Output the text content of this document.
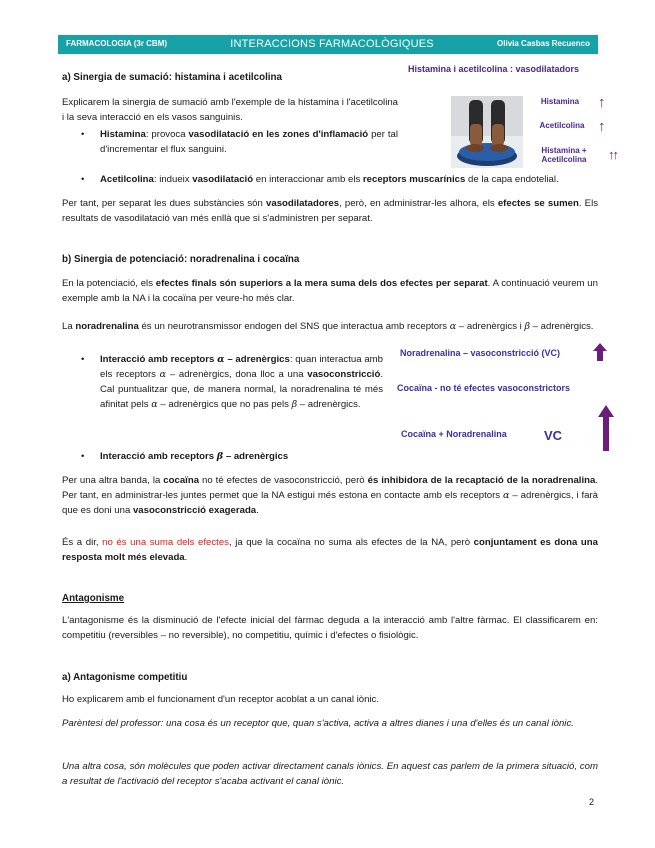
FARMACOLOGIA (3r CBM)	INTERACCIONS FARMACOLÒGIQUES	Olivia Casbas Recuenco
Histamina i acetilcolina : vasodilatadors
Histamina	↑
Acetilcolina ↑
Histamina + Acetilcolina ↑↑
a) Sinergia de sumació: histamina i acetilcolina
Explicarem la sinergia de sumació amb l'exemple de la histamina i l'acetilcolina i la seva interacció en els vasos sanguinis.
• Histamina: provoca vasodilatació en les zones d'inflamació per tal d'incrementar el flux sanguini.
• Acetilcolina: indueix vasodilatació en interaccionar amb els receptors muscarínics de la capa endotelial.
Per tant, per separat les dues substàncies són vasodilatadores, però, en administrar-les alhora, els efectes se sumen. Els resultats de vasodilatació van més enllà que si s'administren per separat.
b) Sinergia de potenciació: noradrenalina i cocaïna
En la potenciació, els efectes finals són superiors a la mera suma dels dos efectes per separat. A continuació veurem un exemple amb la NA i la cocaïna per veure-ho més clar.
La noradrenalina és un neurotransmissor endogen del SNS que interactua amb receptors α – adrenèrgics i β – adrenèrgics.
• Interacció amb receptors α – adrenèrgics: quan interactua amb els receptors α – adrenèrgics, dona lloc a una vasoconstricció. Cal puntualitzar que, de manera normal, la noradrenalina té més afinitat pels α – adrenèrgics que no pas pels β – adrenèrgics.
• Interacció amb receptors β – adrenèrgics
Noradrenalina – vasoconstricció (VC)
Cocaïna - no té efectes vasoconstrictors
Cocaïna + Noradrenalina	VC
Per una altra banda, la cocaïna no té efectes de vasoconstricció, però és inhibidora de la recaptació de la noradrenalina. Per tant, en administrar-les juntes permet que la NA estigui més estona en contacte amb els receptors α – adrenèrgics, i farà que es doni una vasoconstricció exagerada.
És a dir, no és una suma dels efectes, ja que la cocaïna no suma als efectes de la NA, però conjuntament es dona una resposta molt més elevada.
Antagonisme
L'antagonisme és la disminució de l'efecte inicial del fàrmac deguda a la interacció amb l'altre fàrmac. El classificarem en: competitiu (reversibles – no reversible), no competitiu, químic i d'efectes o fisiològic.
a) Antagonisme competitiu
Ho explicarem amb el funcionament d'un receptor acoblat a un canal iònic.
Parèntesi del professor: una cosa és un receptor que, quan s'activa, activa a altres dianes i una d'elles és un canal iònic.
Una altra cosa, són molècules que poden activar directament canals iònics. En aquest cas parlem de la primera situació, com a resultat de l'activació del receptor s'acaba activant el canal iònic.
2
